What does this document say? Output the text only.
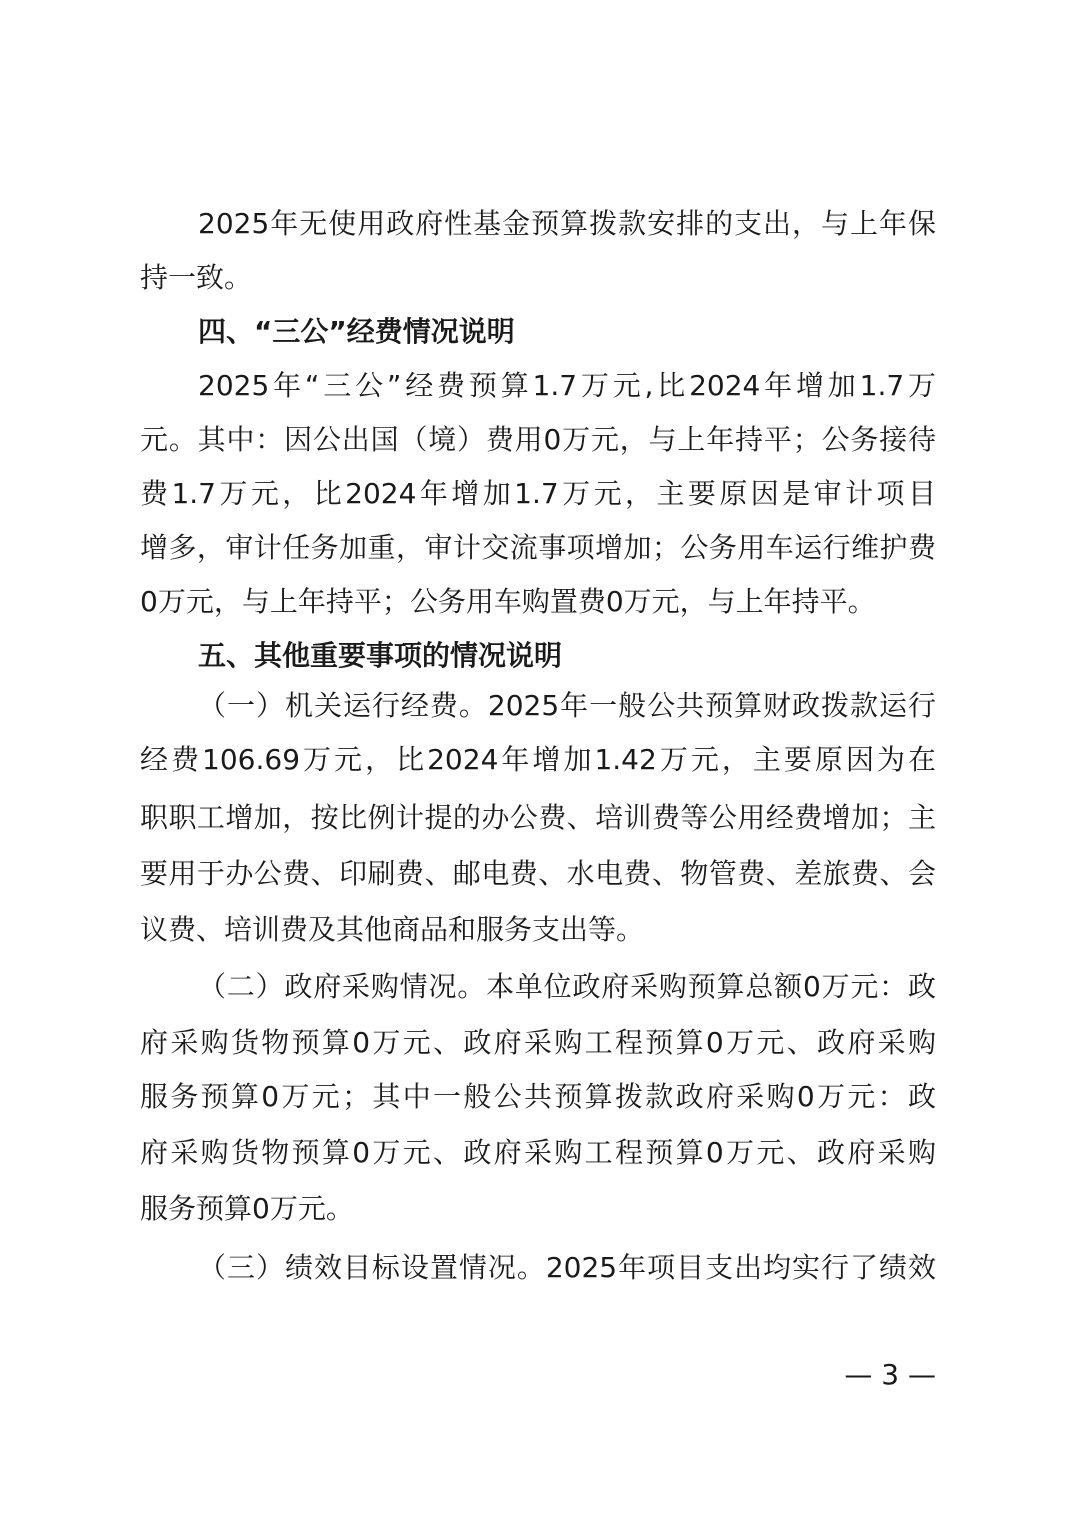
2025年无使用政府性基金预算拨款安排的支出，与上年保
持一致。
四、“三公”经费情况说明
2025年“三公”经费预算1.7万元,比2024年增加1.7万
元。其中：因公出国（境）费用0万元，与上年持平；公务接待
费1.7万元，比2024年增加1.7万元，主要原因是审计项目
增多，审计任务加重，审计交流事项增加；公务用车运行维护费
0万元，与上年持平；公务用车购置费0万元，与上年持平。
五、其他重要事项的情况说明
（一）机关运行经费。2025年一般公共预算财政拨款运行
经费106.69万元，比2024年增加1.42万元，主要原因为在
职职工增加，按比例计提的办公费、培训费等公用经费增加；主
要用于办公费、印刷费、邮电费、水电费、物管费、差旅费、会
议费、培训费及其他商品和服务支出等。
（二）政府采购情况。本单位政府采购预算总额0万元：政
府采购货物预算0万元、政府采购工程预算0万元、政府采购
服务预算0万元；其中一般公共预算拨款政府采购0万元：政
府采购货物预算0万元、政府采购工程预算0万元、政府采购
服务预算0万元。
（三）绩效目标设置情况。2025年项目支出均实行了绩效
— 3 —
